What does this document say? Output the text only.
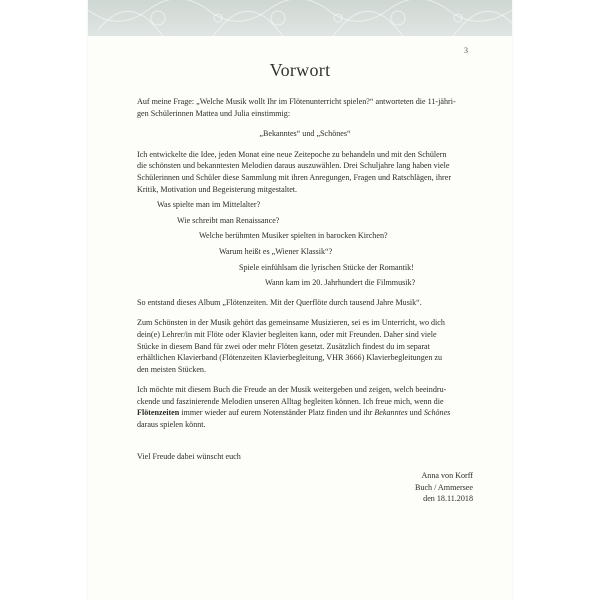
3
Vorwort

Auf meine Frage: „Welche Musik wollt Ihr im Flötenunterricht spielen?“ antworteten die 11-jähri-

gen Schülerinnen Mattea und Julia einstimmig:

„Bekanntes“ und „Schönes“

Ich entwickelte die Idee, jeden Monat eine neue Zeitepoche zu behandeln und mit den Schülern

die schönsten und bekanntesten Melodien daraus auszuwählen. Drei Schuljahre lang haben viele

Schülerinnen und Schüler diese Sammlung mit ihren Anregungen, Fragen und Ratschlägen, ihrer

Kritik, Motivation und Begeisterung mitgestaltet.

Was spielte man im Mittelalter?

Wie schreibt man Renaissance?

Welche berühmten Musiker spielten in barocken Kirchen?

Warum heißt es „Wiener Klassik“?

Spiele einfühlsam die lyrischen Stücke der Romantik!

Wann kam im 20. Jahrhundert die Filmmusik?

So entstand dieses Album „Flötenzeiten. Mit der Querflöte durch tausend Jahre Musik“.

Zum Schönsten in der Musik gehört das gemeinsame Musizieren, sei es im Unterricht, wo dich

dein(e) Lehrer/in mit Flöte oder Klavier begleiten kann, oder mit Freunden. Daher sind viele

Stücke in diesem Band für zwei oder mehr Flöten gesetzt. Zusätzlich findest du im separat

erhältlichen Klavierband (Flötenzeiten Klavierbegleitung, VHR 3666) Klavierbegleitungen zu

den meisten Stücken.

Ich möchte mit diesem Buch die Freude an der Musik weitergeben und zeigen, welch beeindru-

ckende und faszinierende Melodien unseren Alltag begleiten können. Ich freue mich, wenn die

Flötenzeiten immer wieder auf eurem Notenständer Platz finden und ihr Bekanntes und Schönes

daraus spielen könnt.

Viel Freude dabei wünscht euch

Anna von Korff

Buch / Ammersee

den 18.11.2018
